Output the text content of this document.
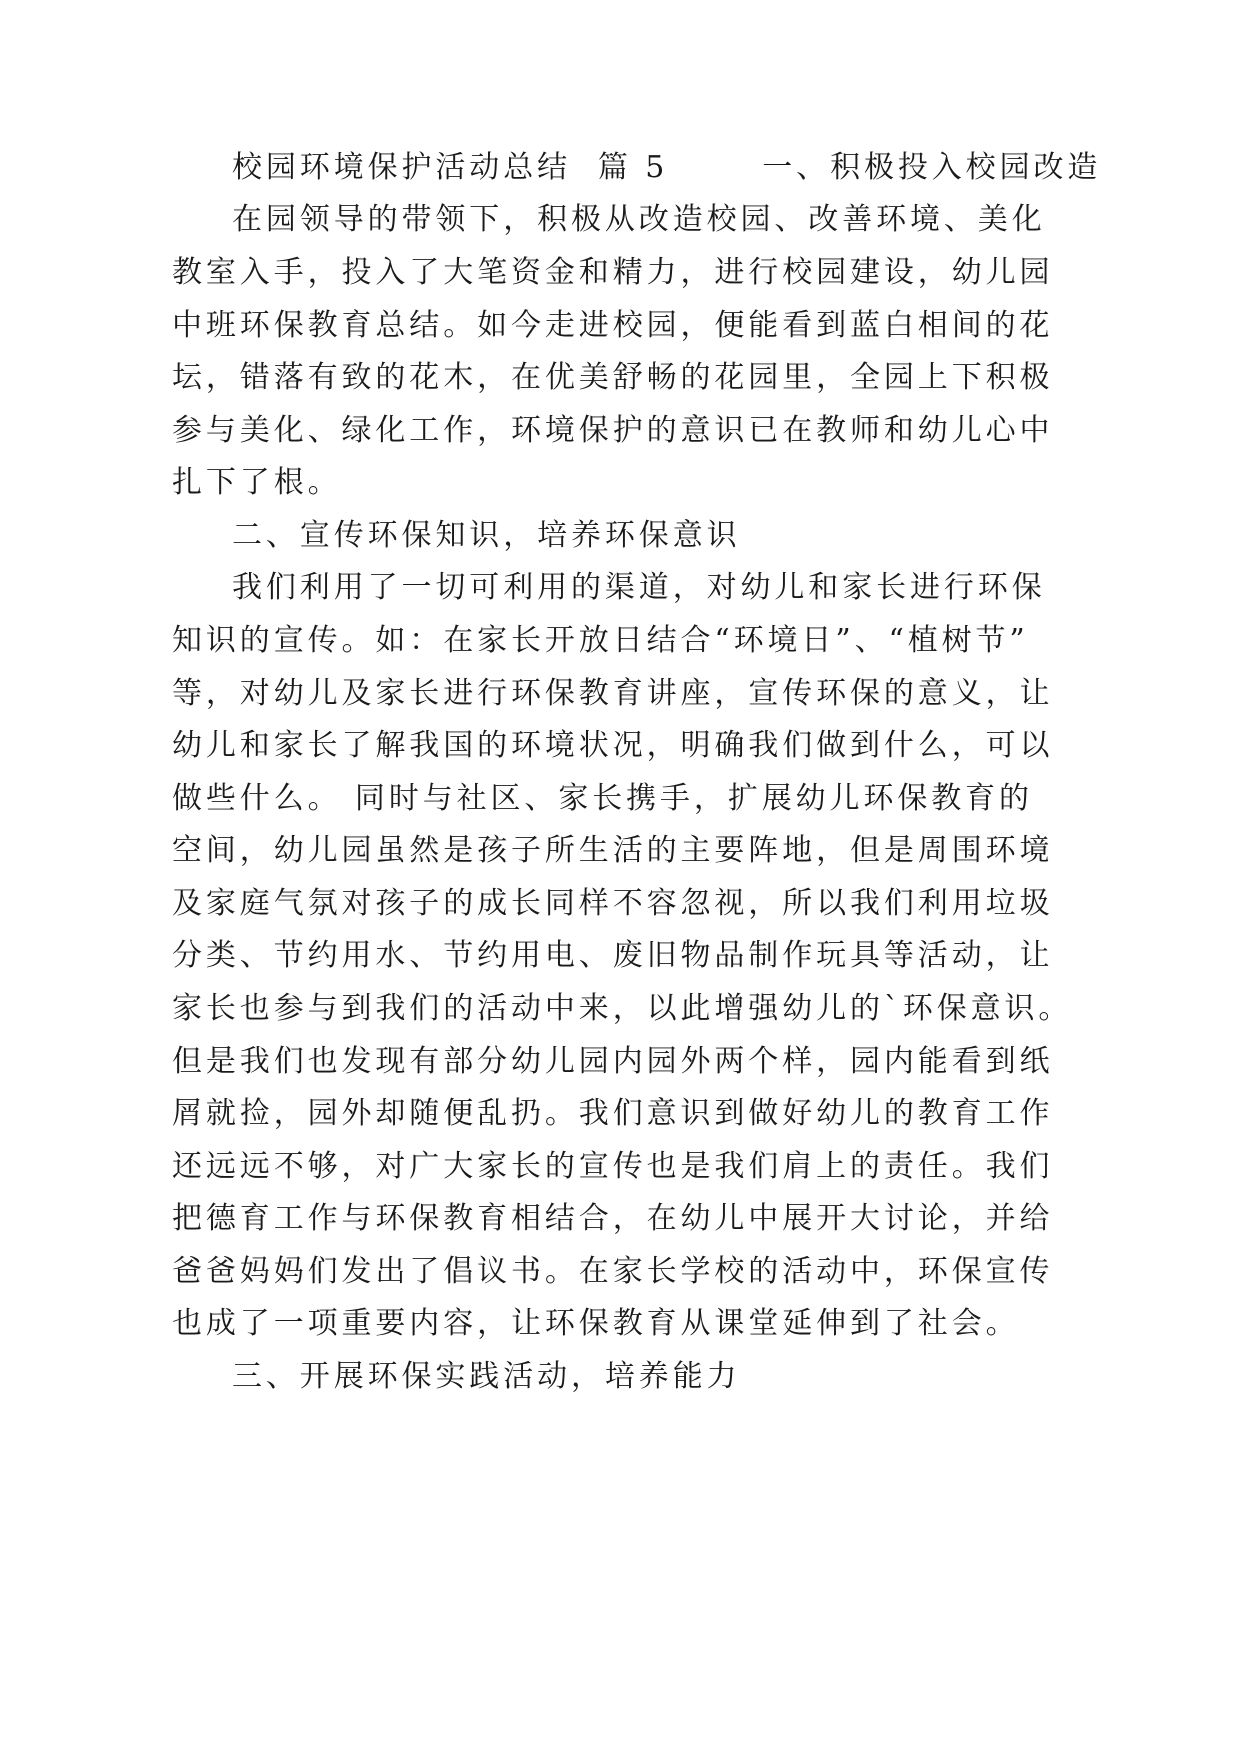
校园环境保护活动总结 篇 5	一、积极投入校园改造
在园领导的带领下，积极从改造校园、改善环境、美化
教室入手，投入了大笔资金和精力，进行校园建设，幼儿园
中班环保教育总结。如今走进校园，便能看到蓝白相间的花
坛，错落有致的花木，在优美舒畅的花园里，全园上下积极
参与美化、绿化工作，环境保护的意识已在教师和幼儿心中
扎下了根。
二、宣传环保知识，培养环保意识
我们利用了一切可利用的渠道，对幼儿和家长进行环保
知识的宣传。如：在家长开放日结合“环境日”、“植树节”
等，对幼儿及家长进行环保教育讲座，宣传环保的意义，让
幼儿和家长了解我国的环境状况，明确我们做到什么，可以
做些什么。 同时与社区、家长携手，扩展幼儿环保教育的
空间，幼儿园虽然是孩子所生活的主要阵地，但是周围环境
及家庭气氛对孩子的成长同样不容忽视，所以我们利用垃圾
分类、节约用水、节约用电、废旧物品制作玩具等活动，让
家长也参与到我们的活动中来，以此增强幼儿的`环保意识。
但是我们也发现有部分幼儿园内园外两个样，园内能看到纸
屑就捡，园外却随便乱扔。我们意识到做好幼儿的教育工作
还远远不够，对广大家长的宣传也是我们肩上的责任。我们
把德育工作与环保教育相结合，在幼儿中展开大讨论，并给
爸爸妈妈们发出了倡议书。在家长学校的活动中，环保宣传
也成了一项重要内容，让环保教育从课堂延伸到了社会。
三、开展环保实践活动，培养能力
